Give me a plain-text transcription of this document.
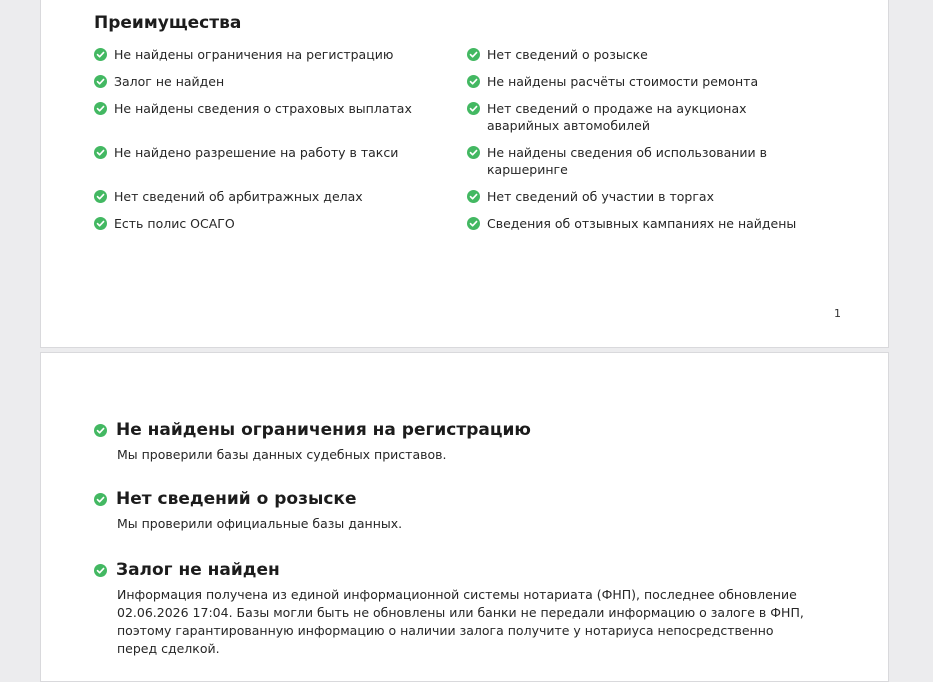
Преимущества
Не найдены ограничения на регистрацию
Залог не найден
Не найдены сведения о страховых выплатах
Не найдено разрешение на работу в такси
Нет сведений об арбитражных делах
Есть полис ОСАГО
Нет сведений о розыске
Не найдены расчёты стоимости ремонта
Нет сведений о продаже на аукционах аварийных автомобилей
Не найдены сведения об использовании в каршеринге
Нет сведений об участии в торгах
Сведения об отзывных кампаниях не найдены
1
Не найдены ограничения на регистрацию
Мы проверили базы данных судебных приставов.
Нет сведений о розыске
Мы проверили официальные базы данных.
Залог не найден
Информация получена из единой информационной системы нотариата (ФНП), последнее обновление 02.06.2026 17:04. Базы могли быть не обновлены или банки не передали информацию о залоге в ФНП, поэтому гарантированную информацию о наличии залога получите у нотариуса непосредственно перед сделкой.
